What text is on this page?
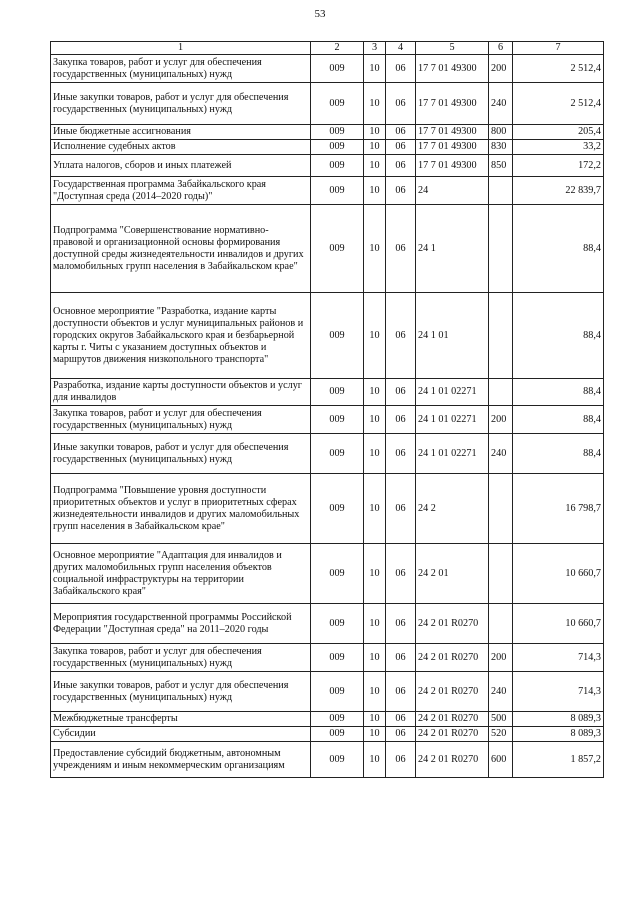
53
1	2	3	4	5	6	7
Закупка товаров, работ и услуг для обеспечения государственных (муниципальных) нужд	009	10	06	17 7 01 49300	200	2 512,4
Иные закупки товаров, работ и услуг для обеспечения государственных (муниципальных) нужд	009	10	06	17 7 01 49300	240	2 512,4
Иные бюджетные ассигнования	009	10	06	17 7 01 49300	800	205,4
Исполнение судебных актов	009	10	06	17 7 01 49300	830	33,2
Уплата налогов, сборов и иных платежей	009	10	06	17 7 01 49300	850	172,2
Государственная программа Забайкальского края "Доступная среда (2014–2020 годы)"	009	10	06	24		22 839,7
Подпрограмма "Совершенствование нормативно-правовой и организационной основы формирования доступной среды жизнедеятельности инвалидов и других маломобильных групп населения в Забайкальском крае"	009	10	06	24 1		88,4
Основное мероприятие "Разработка, издание карты доступности объектов и услуг муниципальных районов и городских округов Забайкальского края и безбарьерной карты г. Читы с указанием доступных объектов и маршрутов движения низкопольного транспорта"	009	10	06	24 1 01		88,4
Разработка, издание карты доступности объектов и услуг для инвалидов	009	10	06	24 1 01 02271		88,4
Закупка товаров, работ и услуг для обеспечения государственных (муниципальных) нужд	009	10	06	24 1 01 02271	200	88,4
Иные закупки товаров, работ и услуг для обеспечения государственных (муниципальных) нужд	009	10	06	24 1 01 02271	240	88,4
Подпрограмма "Повышение уровня доступности приоритетных объектов и услуг в приоритетных сферах жизнедеятельности инвалидов и других маломобильных групп населения в Забайкальском крае"	009	10	06	24 2		16 798,7
Основное мероприятие "Адаптация для инвалидов и других маломобильных групп населения объектов социальной инфраструктуры на территории Забайкальского края"	009	10	06	24 2 01		10 660,7
Мероприятия государственной программы Российской Федерации "Доступная среда" на 2011–2020 годы	009	10	06	24 2 01 R0270		10 660,7
Закупка товаров, работ и услуг для обеспечения государственных (муниципальных) нужд	009	10	06	24 2 01 R0270	200	714,3
Иные закупки товаров, работ и услуг для обеспечения государственных (муниципальных) нужд	009	10	06	24 2 01 R0270	240	714,3
Межбюджетные трансферты	009	10	06	24 2 01 R0270	500	8 089,3
Субсидии	009	10	06	24 2 01 R0270	520	8 089,3
Предоставление субсидий бюджетным, автономным учреждениям и иным некоммерческим организациям	009	10	06	24 2 01 R0270	600	1 857,2
